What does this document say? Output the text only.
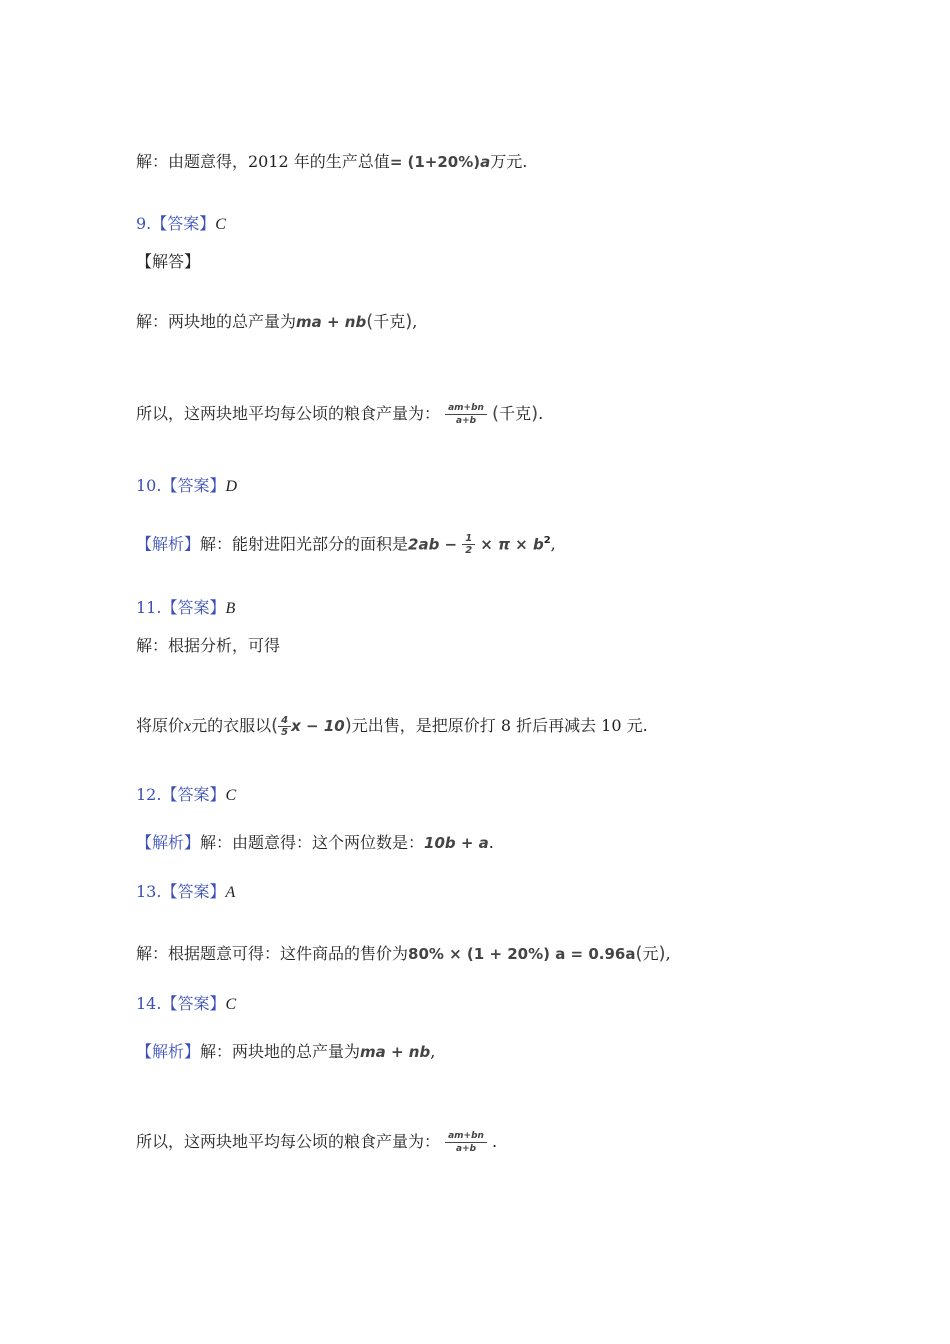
解：由题意得，2012 年的生产总值= (1+20%)a万元.
9.【答案】C
【解答】
解：两块地的总产量为ma + nb(千克),
所以，这两块地平均每公顷的粮食产量为： $\frac{am+bn}{a+b}$ (千克).
10.【答案】D
【解析】解：能射进阳光部分的面积是$2ab - \frac{1}{2} \times \pi \times b^2$,
11.【答案】B
解：根据分析，可得
将原价x元的衣服以( $\frac{4}{5}$ x − 10)元出售，是把原价打 8 折后再减去 10 元.
12.【答案】C
【解析】解：由题意得：这个两位数是：10b + a.
13.【答案】A
解：根据题意可得：这件商品的售价为80% × (1 + 20%) a = 0.96a(元),
14.【答案】C
【解析】解：两块地的总产量为ma + nb,
所以，这两块地平均每公顷的粮食产量为： $\frac{am+bn}{a+b}$ .
